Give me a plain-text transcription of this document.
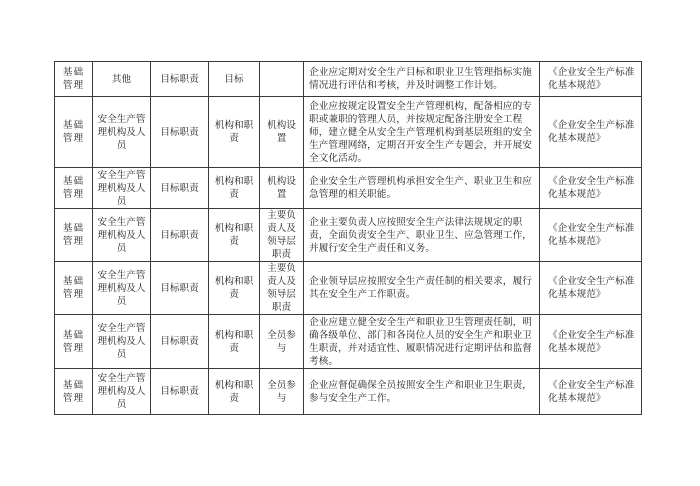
基础管理	其他	目标职责	目标		企业应定期对安全生产目标和职业卫生管理指标实施情况进行评估和考核，并及时调整工作计划。	《企业安全生产标准化基本规范》
基础管理	安全生产管理机构及人员	目标职责	机构和职责	机构设置	企业应按规定设置安全生产管理机构，配备相应的专职或兼职的管理人员，并按规定配备注册安全工程师，建立健全从安全生产管理机构到基层班组的安全生产管理网络，定期召开安全生产专题会，并开展安全文化活动。	《企业安全生产标准化基本规范》
基础管理	安全生产管理机构及人员	目标职责	机构和职责	机构设置	企业安全生产管理机构承担安全生产、职业卫生和应急管理的相关职能。	《企业安全生产标准化基本规范》
基础管理	安全生产管理机构及人员	目标职责	机构和职责	主要负责人及领导层职责	企业主要负责人应按照安全生产法律法规规定的职责，全面负责安全生产、职业卫生、应急管理工作，并履行安全生产责任和义务。	《企业安全生产标准化基本规范》
基础管理	安全生产管理机构及人员	目标职责	机构和职责	主要负责人及领导层职责	企业领导层应按照安全生产责任制的相关要求，履行其在安全生产工作职责。	《企业安全生产标准化基本规范》
基础管理	安全生产管理机构及人员	目标职责	机构和职责	全员参与	企业应建立健全安全生产和职业卫生管理责任制，明确各级单位、部门和各岗位人员的安全生产和职业卫生职责，并对适宜性、履职情况进行定期评估和监督考核。	《企业安全生产标准化基本规范》
基础管理	安全生产管理机构及人员	目标职责	机构和职责	全员参与	企业应督促确保全员按照安全生产和职业卫生职责，参与安全生产工作。	《企业安全生产标准化基本规范》
